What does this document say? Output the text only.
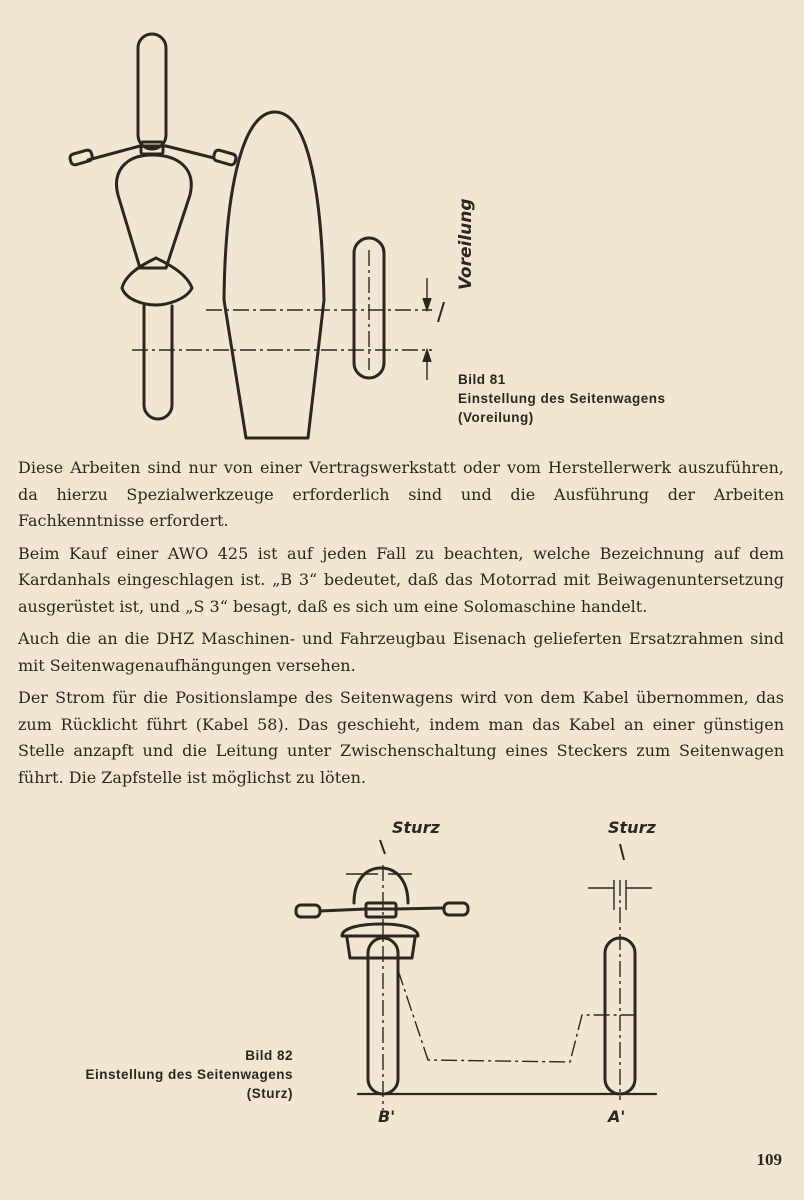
Voreilung
Bild 81
Einstellung des Seitenwagens
(Voreilung)

Diese Arbeiten sind nur von einer Vertragswerkstatt oder vom Herstellerwerk auszuführen, da hierzu Spezialwerkzeuge erforderlich sind und die Ausführung der Arbeiten Fachkenntnisse erfordert.

Beim Kauf einer AWO 425 ist auf jeden Fall zu beachten, welche Bezeichnung auf dem Kardanhals eingeschlagen ist. „B 3“ bedeutet, daß das Motorrad mit Beiwagenuntersetzung ausgerüstet ist, und „S 3“ besagt, daß es sich um eine Solomaschine handelt.

Auch die an die DHZ Maschinen- und Fahrzeugbau Eisenach gelieferten Ersatzrahmen sind mit Seitenwagenaufhängungen versehen.

Der Strom für die Positionslampe des Seitenwagens wird von dem Kabel übernommen, das zum Rücklicht führt (Kabel 58). Das geschieht, indem man das Kabel an einer günstigen Stelle anzapft und die Leitung unter Zwischenschaltung eines Steckers zum Seitenwagen führt. Die Zapfstelle ist möglichst zu löten.

Sturz	Sturz
B'	A'
Bild 82
Einstellung des Seitenwagens
(Sturz)
109
